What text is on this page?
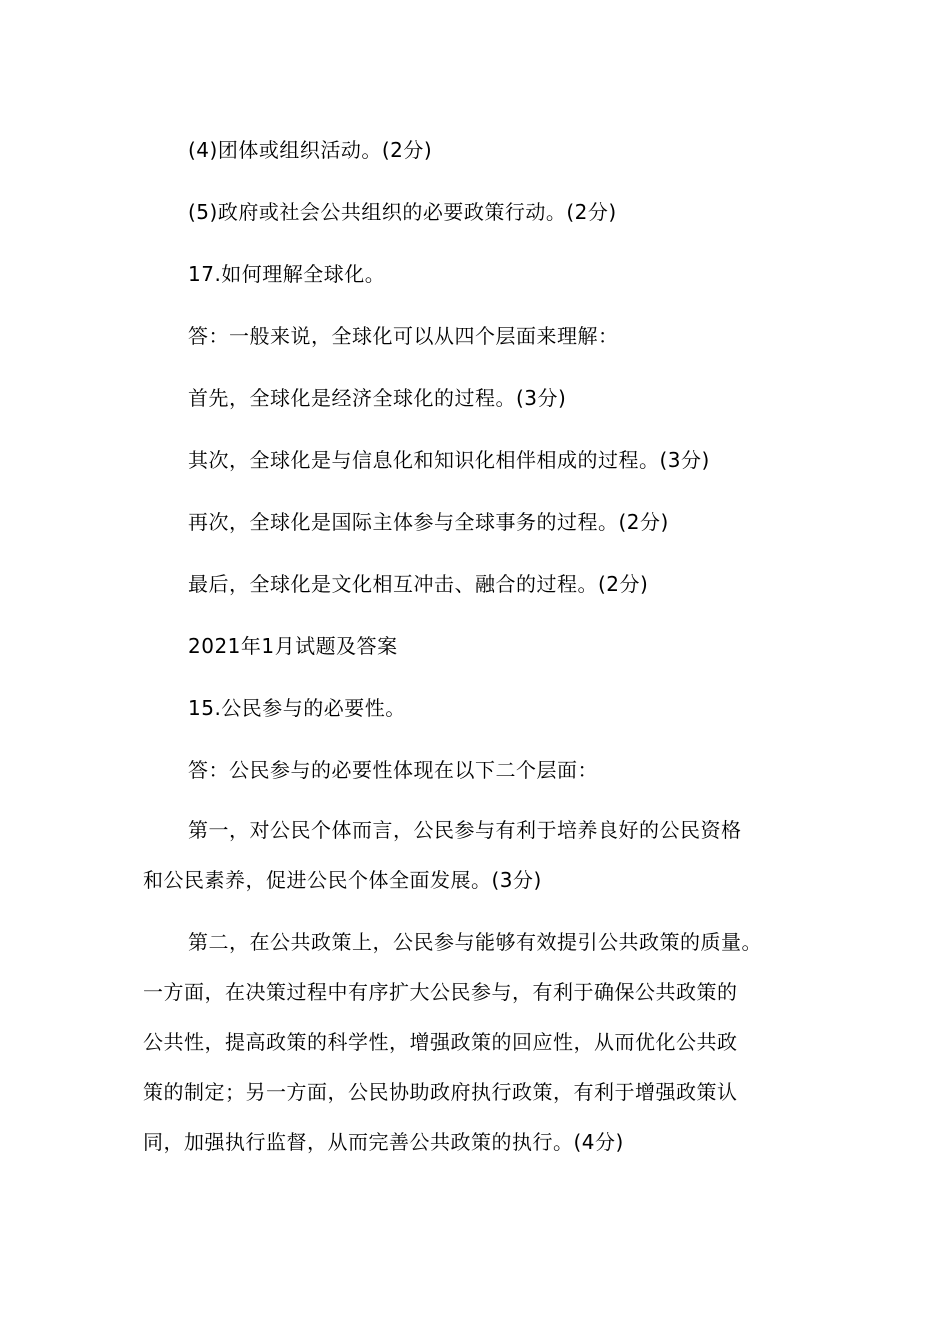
(4)团体或组织活动。(2分)

(5)政府或社会公共组织的必要政策行动。(2分)

17.如何理解全球化。

答：一般来说，全球化可以从四个层面来理解：

首先，全球化是经济全球化的过程。(3分)

其次，全球化是与信息化和知识化相伴相成的过程。(3分)

再次，全球化是国际主体参与全球事务的过程。(2分)

最后，全球化是文化相互冲击、融合的过程。(2分)

2021年1月试题及答案

15.公民参与的必要性。

答：公民参与的必要性体现在以下二个层面：

第一，对公民个体而言，公民参与有利于培养良好的公民资格
和公民素养，促进公民个体全面发展。(3分)
第二，在公共政策上，公民参与能够有效提引公共政策的质量。
一方面，在决策过程中有序扩大公民参与，有利于确保公共政策的
公共性，提高政策的科学性，增强政策的回应性，从而优化公共政
策的制定；另一方面，公民协助政府执行政策，有利于增强政策认
同，加强执行监督，从而完善公共政策的执行。(4分)
